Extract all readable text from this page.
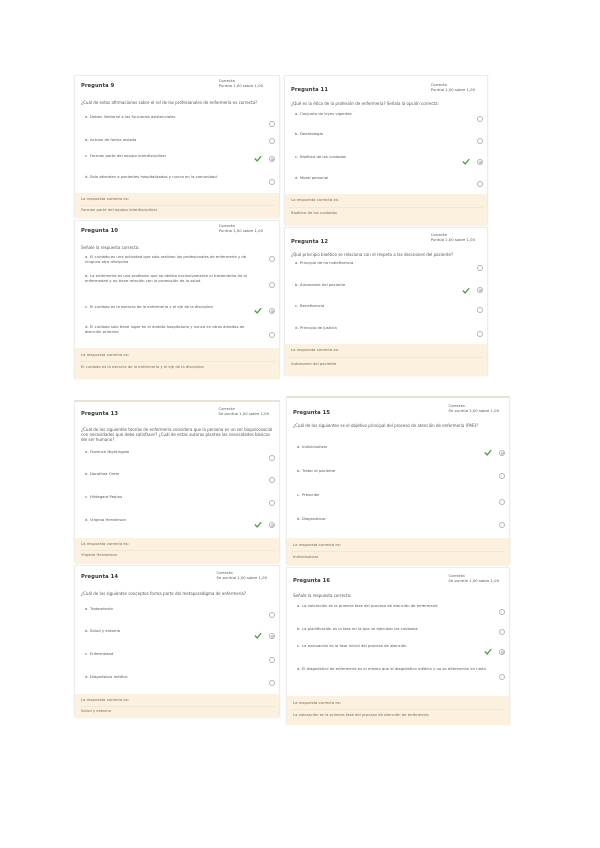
Pregunta 9
Correcta
Puntúa 1,00 sobre 1,00
¿Cuál de estas afirmaciones sobre el rol de los profesionales de enfermería es correcta?
a.Deben limitarse a las funciones asistenciales
b.Actúan de forma aislada
c. Forman parte del equipo interdisciplinar
d.Solo atienden a pacientes hospitalizados y nunca en la comunidad
La respuesta correcta es:
Forman parte del equipo interdisciplinar
Pregunta 10
Correcta
Puntúa 1,00 sobre 1,00
Señale la respuesta correcta:
a.El cuidado es una actividad que solo realizan los profesionales de enfermería y de ninguna otra disciplina
b.La enfermería es una profesión que se dedica exclusivamente al tratamiento de la enfermedad y no tiene relación con la promoción de la salud
c. El cuidado es la esencia de la enfermería y el eje de la disciplina
d.El cuidado solo tiene lugar en el ámbito hospitalario y nunca en otros ámbitos de atención primaria
La respuesta correcta es:
El cuidado es la esencia de la enfermería y el eje de la disciplina
Pregunta 11
Correcta
Puntúa 1,00 sobre 1,00
¿Qué es la ética de la profesión de enfermería? Señala la opción correcta:
a.Conjunto de leyes vigentes
b.Deontología
c. Bioética de los cuidados
d.Moral personal
La respuesta correcta es:
Bioética de los cuidados
Pregunta 12
Correcta
Puntúa 1,00 sobre 1,00
¿Qué principio bioético se relaciona con el respeto a las decisiones del paciente?
a.Principio de no maleficencia
b.Autonomía del paciente
c. Beneficencia
d.Principio de justicia
La respuesta correcta es:
Autonomía del paciente
Pregunta 13
Correcta
Se puntúa 1,00 sobre 1,00
¿Cuál de las siguientes teorías de enfermería considera que la persona es un ser biopsicosocial con necesidades que debe satisfacer? ¿Cuál de estas autoras plantea las necesidades básicas del ser humano?
a.Florence Nightingale
b.Dorothea Orem
c. Hildegard Peplau
d.Virginia Henderson
La respuesta correcta es:
Virginia Henderson
Pregunta 14
Correcta
Se puntúa 1,00 sobre 1,00
¿Cuál de los siguientes conceptos forma parte del metaparadigma de enfermería?
a.Tratamiento
b.Salud y entorno
c. Enfermedad
d.Diagnóstico médico
La respuesta correcta es:
Salud y entorno
Pregunta 15
Correcta
Se puntúa 1,00 sobre 1,00
¿Cuál de los siguientes es el objetivo principal del proceso de atención de enfermería (PAE)?
a.Individualizar
b.Tratar al paciente
c. Prescribir
d.Diagnosticar
La respuesta correcta es:
Individualizar
Pregunta 16
Correcta
Se puntúa 1,00 sobre 1,00
Señale la respuesta correcta:
a.La valoración es la primera fase del proceso de atención de enfermería
b.La planificación es la fase en la que se ejecutan los cuidados
c. La evaluación es la fase inicial del proceso de atención
d.El diagnóstico de enfermería es el mismo que el diagnóstico médico y no se diferencian en nada
La respuesta correcta es:
La valoración es la primera fase del proceso de atención de enfermería
